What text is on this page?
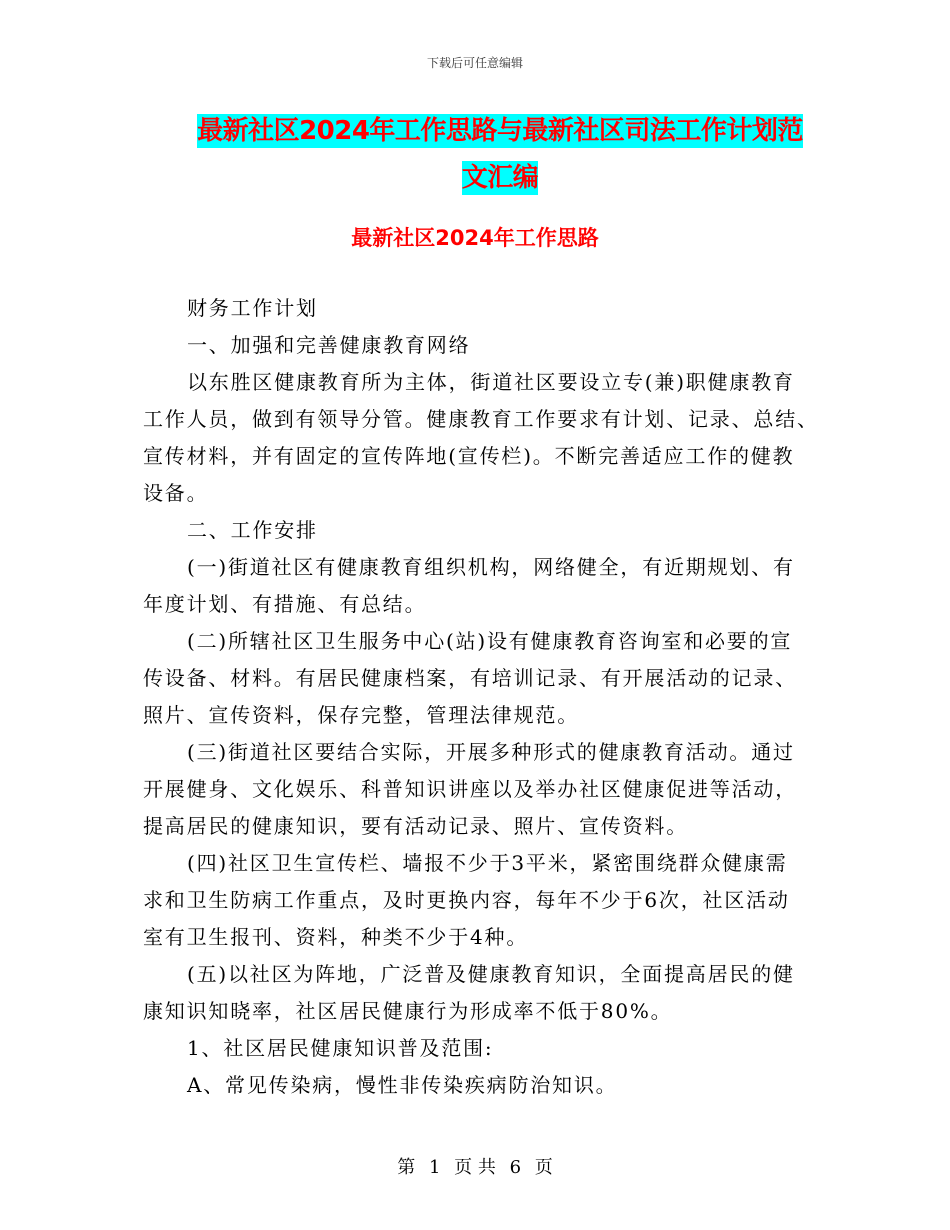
下载后可任意编辑
最新社区2024年工作思路与最新社区司法工作计划范
文汇编
最新社区2024年工作思路
财务工作计划
一、加强和完善健康教育网络
以东胜区健康教育所为主体，街道社区要设立专(兼)职健康教育
工作人员，做到有领导分管。健康教育工作要求有计划、记录、总结、
宣传材料，并有固定的宣传阵地(宣传栏)。不断完善适应工作的健教
设备。
二、工作安排
(一)街道社区有健康教育组织机构，网络健全，有近期规划、有
年度计划、有措施、有总结。
(二)所辖社区卫生服务中心(站)设有健康教育咨询室和必要的宣
传设备、材料。有居民健康档案，有培训记录、有开展活动的记录、
照片、宣传资料，保存完整，管理法律规范。
(三)街道社区要结合实际，开展多种形式的健康教育活动。通过
开展健身、文化娱乐、科普知识讲座以及举办社区健康促进等活动，
提高居民的健康知识，要有活动记录、照片、宣传资料。
(四)社区卫生宣传栏、墙报不少于3平米，紧密围绕群众健康需
求和卫生防病工作重点，及时更换内容，每年不少于6次，社区活动
室有卫生报刊、资料，种类不少于4种。
(五)以社区为阵地，广泛普及健康教育知识，全面提高居民的健
康知识知晓率，社区居民健康行为形成率不低于80%。
1、社区居民健康知识普及范围:
A、常见传染病，慢性非传染疾病防治知识。
第 1 页 共 6 页
